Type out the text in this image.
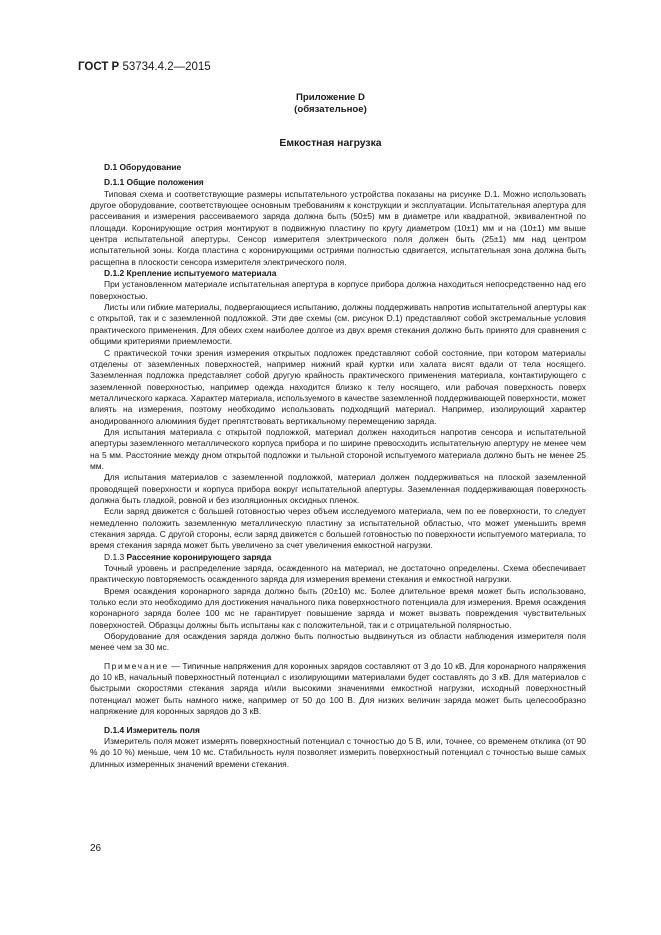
ГОСТ Р 53734.4.2—2015
Приложение D
(обязательное)
Емкостная нагрузка
D.1 Оборудование
D.1.1 Общие положения

Типовая схема и соответствующие размеры испытательного устройства показаны на рисунке D.1. Можно использовать другое оборудование, соответствующее основным требованиям к конструкции и эксплуатации. Испытательная апертура для рассеивания и измерения рассеиваемого заряда должна быть (50±5) мм в диаметре или квадратной, эквивалентной по площади. Коронирующие острия монтируют в подвижную пластину по кругу диаметром (10±1) мм и на (10±1) мм выше центра испытательной апертуры. Сенсор измерителя электрического поля должен быть (25±1) мм над центром испытательной зоны. Когда пластина с коронирующими остриями полностью сдвигается, испытательная зона должна быть расщепна в плоскости сенсора измерителя электрического поля.

D.1.2 Крепление испытуемого материала

При установленном материале испытательная апертура в корпусе прибора должна находиться непосредственно над его поверхностью.

Листы или гибкие материалы, подвергающиеся испытанию, должны поддерживать напротив испытательной апертуры как с открытой, так и с заземленной подложкой. Эти две схемы (см. рисунок D.1) представляют собой экстремальные условия практического применения. Для обеих схем наиболее долгое из двух время стекания должно быть принято для сравнения с общими критериями приемлемости.

С практической точки зрения измерения открытых подложек представляют собой состояние, при котором материалы отделены от заземленных поверхностей, например нижний край куртки или халата висят вдали от тела носящего. Заземленная подложка представляет собой другую крайность практического применения материала, контактирующего с заземленной поверхностью, например одежда находится близко к телу носящего, или рабочая поверхность поверх металлического каркаса. Характер материала, используемого в качестве заземленной поддерживающей поверхности, может влиять на измерения, поэтому необходимо использовать подходящий материал. Например, изолирующий характер анодированного алюминия будет препятствовать вертикальному перемещению заряда.

Для испытания материала с открытой подложкой, материал должен находиться напротив сенсора и испытательной апертуры заземленного металлического корпуса прибора и по ширине превосходить испытательную апертуру не менее чем на 5 мм. Расстояние между дном открытой подложки и тыльной стороной испытуемого материала должно быть не менее 25 мм.

Для испытания материалов с заземленной подложкой, материал должен поддерживаться на плоской заземленной проводящей поверхности и корпуса прибора вокруг испытательной апертуры. Заземленная поддерживающая поверхность должна быть гладкой, ровной и без изоляционных оксидных пленок.

Если заряд движется с большей готовностью через объем исследуемого материала, чем по ее поверхности, то следует немедленно положить заземленную металлическую пластину за испытательной областью, что может уменьшить время стекания заряда. С другой стороны, если заряд движется с большей готовностью по поверхности испытуемого материала, то время стекания заряда может быть увеличено за счет увеличения емкостной нагрузки.

D.1.3 Рассеяние коронирующего заряда

Точный уровень и распределение заряда, осажденного на материал, не достаточно определены. Схема обеспечивает практическую повторяемость осажденного заряда для измерения времени стекания и емкостной нагрузки.

Время осаждения коронарного заряда должно быть (20±10) мс. Более длительное время может быть использовано, только если это необходимо для достижения начального пика поверхностного потенциала для измерения. Время осаждения коронарного заряда более 100 мс не гарантирует повышение заряда и может вызвать повреждения чувствительных поверхностей. Образцы должны быть испытаны как с положительной, так и с отрицательной полярностью.

Оборудование для осаждения заряда должно быть полностью выдвинуться из области наблюдения измерителя поля менее чем за 30 мс.

Примечание — Типичные напряжения для коронных зарядов составляют от 3 до 10 кВ. Для коронарного напряжения до 10 кВ, начальный поверхностный потенциал с изолирующими материалами будет составлять до 3 кВ. Для материалов с быстрыми скоростями стекания заряда и/или высокими значениями емкостной нагрузки, исходный поверхностный потенциал может быть намного ниже, например от 50 до 100 В. Для низких величин заряда может быть целесообразно напряжение для коронных зарядов до 3 кВ.

D.1.4 Измеритель поля

Измеритель поля может измерять поверхностный потенциал с точностью до 5 В, или, точнее, со временем отклика (от 90 % до 10 %) меньше, чем 10 мс. Стабильность нуля позволяет измерить поверхностный потенциал с точностью выше самых длинных измеренных значений времени стекания.

26
